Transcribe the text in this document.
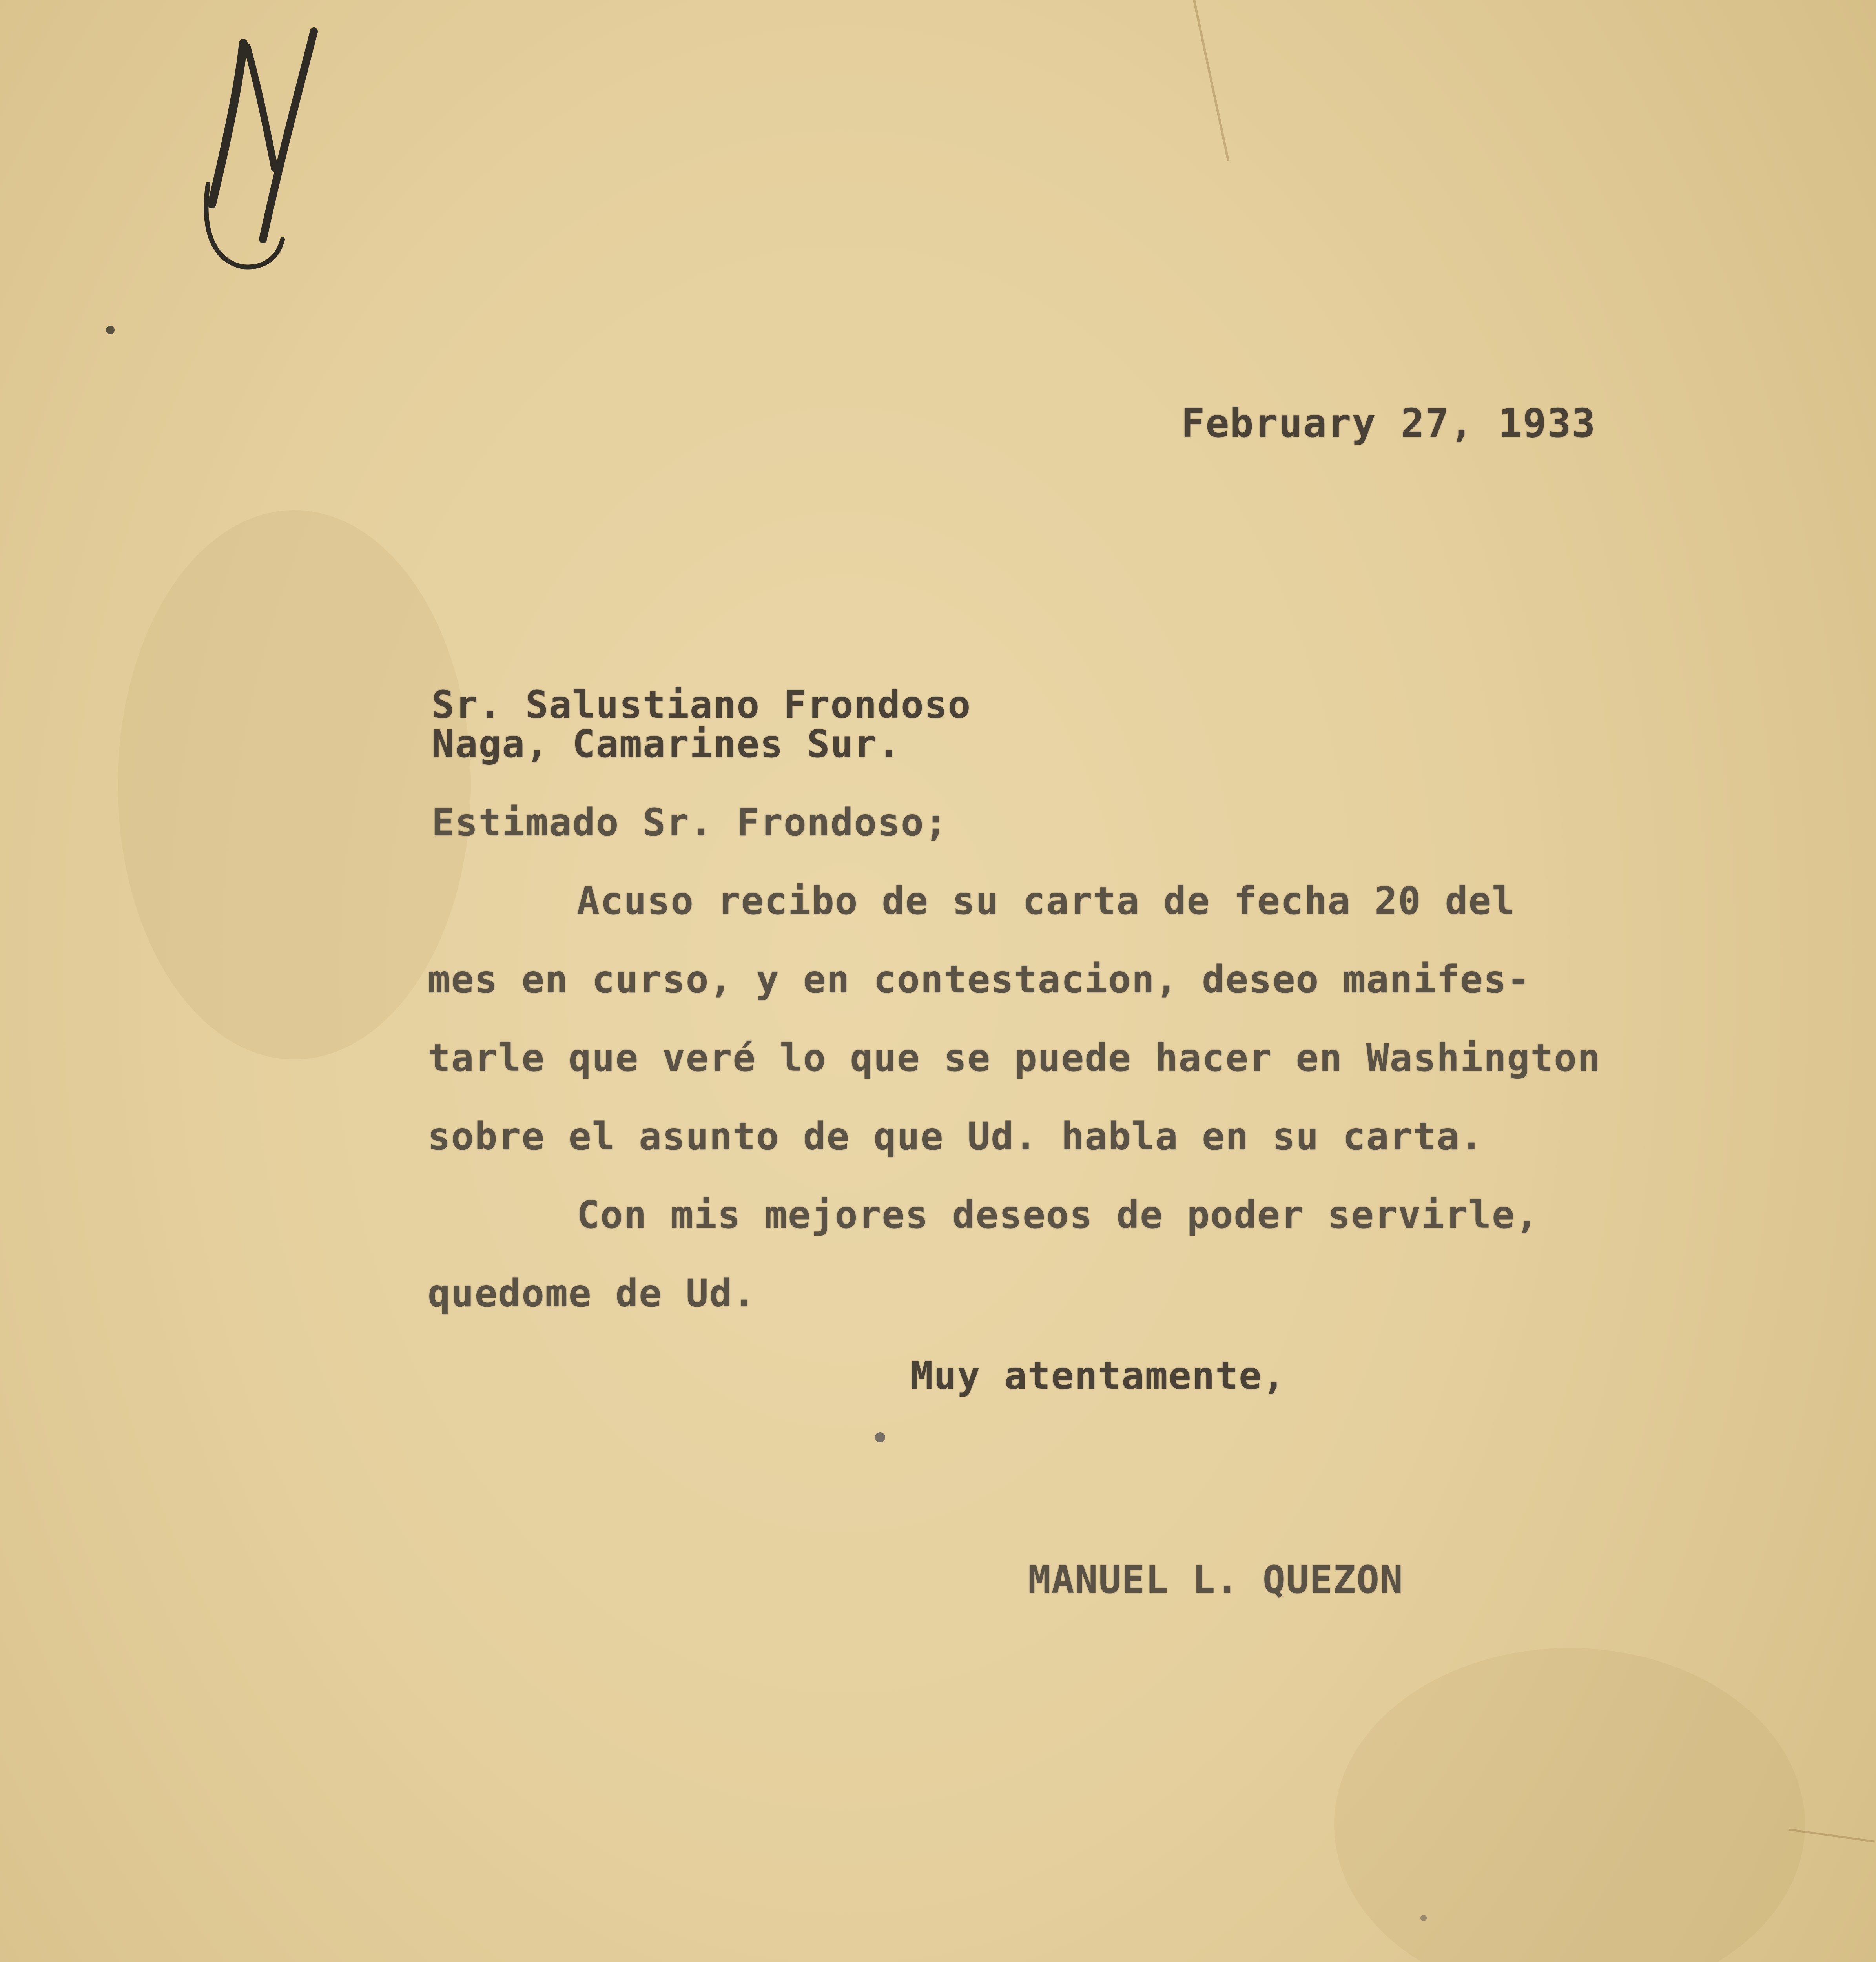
February 27, 1933
Sr. Salustiano Frondoso
Naga, Camarines Sur.
Estimado Sr. Frondoso;
Acuso recibo de su carta de fecha 20 del
mes en curso, y en contestacion, deseo manifes-
tarle que veré lo que se puede hacer en Washington
sobre el asunto de que Ud. habla en su carta.
Con mis mejores deseos de poder servirle,
quedome de Ud.
Muy atentamente,
MANUEL L. QUEZON
